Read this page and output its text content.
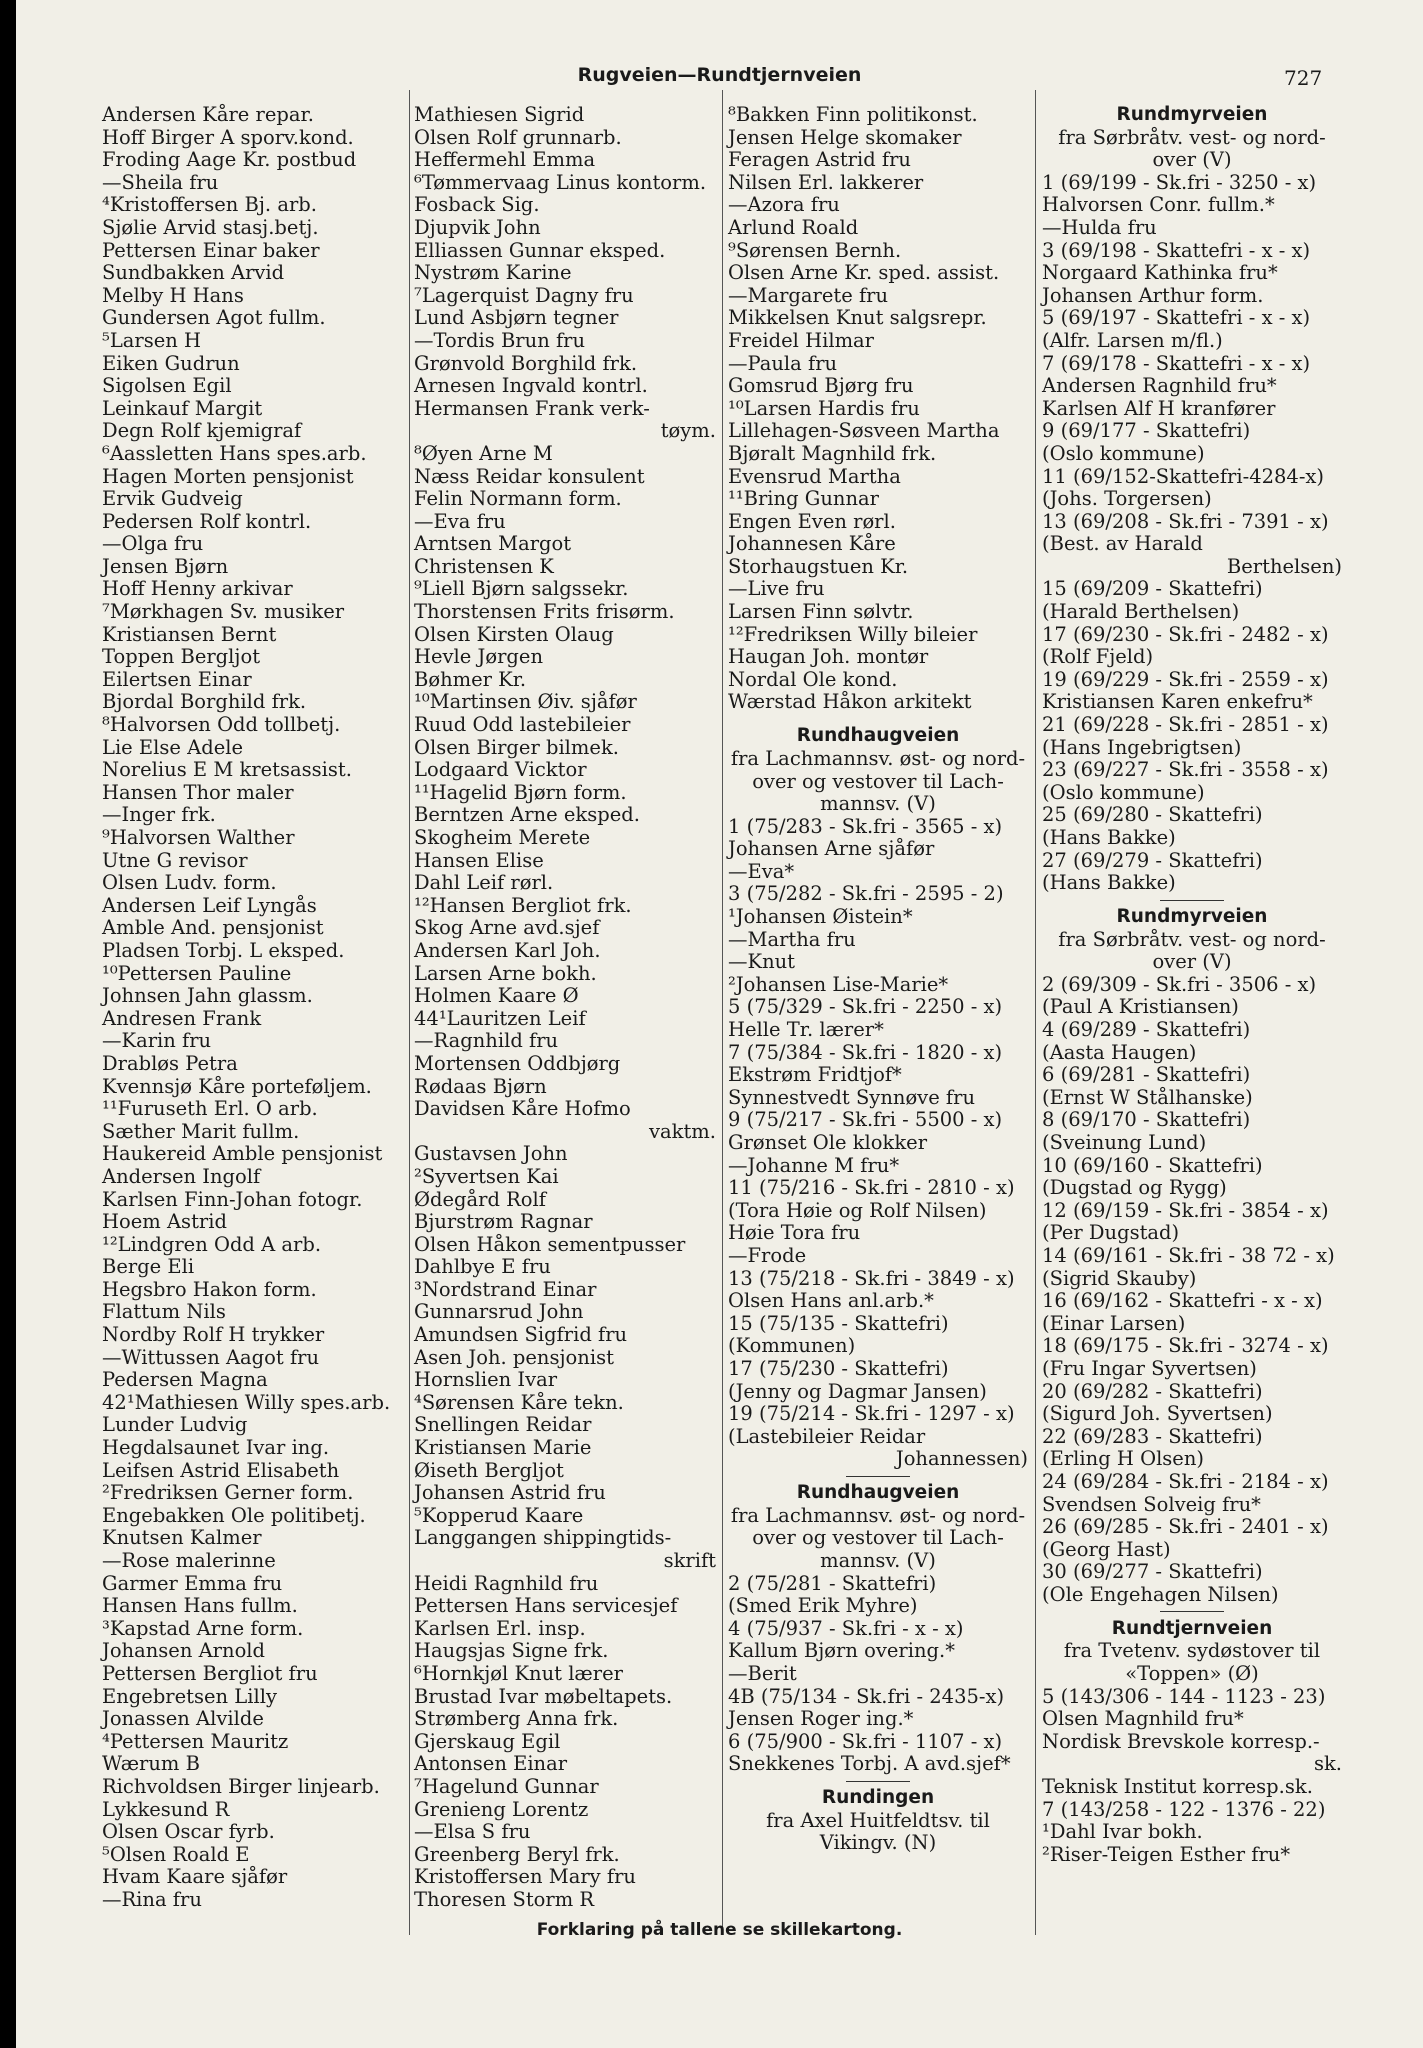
Rugveien—Rundtjernveien	727
Andersen Kåre repar.
Hoff Birger A sporv.kond.
Froding Aage Kr. postbud
—Sheila fru
⁴Kristoffersen Bj. arb.
Sjølie Arvid stasj.betj.
Pettersen Einar baker
Sundbakken Arvid
Melby H Hans
Gundersen Agot fullm.
⁵Larsen H
Eiken Gudrun
Sigolsen Egil
Leinkauf Margit
Degn Rolf kjemigraf
⁶Aassletten Hans spes.arb.
Hagen Morten pensjonist
Ervik Gudveig
Pedersen Rolf kontrl.
—Olga fru
Jensen Bjørn
Hoff Henny arkivar
⁷Mørkhagen Sv. musiker
Kristiansen Bernt
Toppen Bergljot
Eilertsen Einar
Bjordal Borghild frk.
⁸Halvorsen Odd tollbetj.
Lie Else Adele
Norelius E M kretsassist.
Hansen Thor maler
—Inger frk.
⁹Halvorsen Walther
Utne G revisor
Olsen Ludv. form.
Andersen Leif Lyngås
Amble And. pensjonist
Pladsen Torbj. L eksped.
¹⁰Pettersen Pauline
Johnsen Jahn glassm.
Andresen Frank
—Karin fru
Drabløs Petra
Kvennsjø Kåre porteføljem.
¹¹Furuseth Erl. O arb.
Sæther Marit fullm.
Haukereid Amble pensjonist
Andersen Ingolf
Karlsen Finn-Johan fotogr.
Hoem Astrid
¹²Lindgren Odd A arb.
Berge Eli
Hegsbro Hakon form.
Flattum Nils
Nordby Rolf H trykker
—Wittussen Aagot fru
Pedersen Magna
42¹Mathiesen Willy spes.arb.
Lunder Ludvig
Hegdalsaunet Ivar ing.
Leifsen Astrid Elisabeth
²Fredriksen Gerner form.
Engebakken Ole politibetj.
Knutsen Kalmer
—Rose malerinne
Garmer Emma fru
Hansen Hans fullm.
³Kapstad Arne form.
Johansen Arnold
Pettersen Bergliot fru
Engebretsen Lilly
Jonassen Alvilde
⁴Pettersen Mauritz
Wærum B
Richvoldsen Birger linjearb.
Lykkesund R
Olsen Oscar fyrb.
⁵Olsen Roald E
Hvam Kaare sjåfør
—Rina fru
Mathiesen Sigrid
Olsen Rolf grunnarb.
Heffermehl Emma
⁶Tømmervaag Linus kontorm.
Fosback Sig.
Djupvik John
Elliassen Gunnar eksped.
Nystrøm Karine
⁷Lagerquist Dagny fru
Lund Asbjørn tegner
—Tordis Brun fru
Grønvold Borghild frk.
Arnesen Ingvald kontrl.
Hermansen Frank verk-
tøym.
⁸Øyen Arne M
Næss Reidar konsulent
Felin Normann form.
—Eva fru
Arntsen Margot
Christensen K
⁹Liell Bjørn salgssekr.
Thorstensen Frits frisørm.
Olsen Kirsten Olaug
Hevle Jørgen
Bøhmer Kr.
¹⁰Martinsen Øiv. sjåfør
Ruud Odd lastebileier
Olsen Birger bilmek.
Lodgaard Vicktor
¹¹Hagelid Bjørn form.
Berntzen Arne eksped.
Skogheim Merete
Hansen Elise
Dahl Leif rørl.
¹²Hansen Bergliot frk.
Skog Arne avd.sjef
Andersen Karl Joh.
Larsen Arne bokh.
Holmen Kaare Ø
44¹Lauritzen Leif
—Ragnhild fru
Mortensen Oddbjørg
Rødaas Bjørn
Davidsen Kåre Hofmo
vaktm.
Gustavsen John
²Syvertsen Kai
Ødegård Rolf
Bjurstrøm Ragnar
Olsen Håkon sementpusser
Dahlbye E fru
³Nordstrand Einar
Gunnarsrud John
Amundsen Sigfrid fru
Asen Joh. pensjonist
Hornslien Ivar
⁴Sørensen Kåre tekn.
Snellingen Reidar
Kristiansen Marie
Øiseth Bergljot
Johansen Astrid fru
⁵Kopperud Kaare
Langgangen shippingtids-
skrift
Heidi Ragnhild fru
Pettersen Hans servicesjef
Karlsen Erl. insp.
Haugsjas Signe frk.
⁶Hornkjøl Knut lærer
Brustad Ivar møbeltapets.
Strømberg Anna frk.
Gjerskaug Egil
Antonsen Einar
⁷Hagelund Gunnar
Grenieng Lorentz
—Elsa S fru
Greenberg Beryl frk.
Kristoffersen Mary fru
Thoresen Storm R
⁸Bakken Finn politikonst.
Jensen Helge skomaker
Feragen Astrid fru
Nilsen Erl. lakkerer
—Azora fru
Arlund Roald
⁹Sørensen Bernh.
Olsen Arne Kr. sped. assist.
—Margarete fru
Mikkelsen Knut salgsrepr.
Freidel Hilmar
—Paula fru
Gomsrud Bjørg fru
¹⁰Larsen Hardis fru
Lillehagen-Søsveen Martha
Bjøralt Magnhild frk.
Evensrud Martha
¹¹Bring Gunnar
Engen Even rørl.
Johannesen Kåre
Storhaugstuen Kr.
—Live fru
Larsen Finn sølvtr.
¹²Fredriksen Willy bileier
Haugan Joh. montør
Nordal Ole kond.
Wærstad Håkon arkitekt
Rundhaugveien
fra Lachmannsv. øst- og nord-
over og vestover til Lach-
mannsv. (V)
1 (75/283 - Sk.fri - 3565 - x)
Johansen Arne sjåfør
—Eva*
3 (75/282 - Sk.fri - 2595 - 2)
¹Johansen Øistein*
—Martha fru
—Knut
²Johansen Lise-Marie*
5 (75/329 - Sk.fri - 2250 - x)
Helle Tr. lærer*
7 (75/384 - Sk.fri - 1820 - x)
Ekstrøm Fridtjof*
Synnestvedt Synnøve fru
9 (75/217 - Sk.fri - 5500 - x)
Grønset Ole klokker
—Johanne M fru*
11 (75/216 - Sk.fri - 2810 - x)
(Tora Høie og Rolf Nilsen)
Høie Tora fru
—Frode
13 (75/218 - Sk.fri - 3849 - x)
Olsen Hans anl.arb.*
15 (75/135 - Skattefri)
(Kommunen)
17 (75/230 - Skattefri)
(Jenny og Dagmar Jansen)
19 (75/214 - Sk.fri - 1297 - x)
(Lastebileier Reidar
Johannessen)
Rundhaugveien
fra Lachmannsv. øst- og nord-
over og vestover til Lach-
mannsv. (V)
2 (75/281 - Skattefri)
(Smed Erik Myhre)
4 (75/937 - Sk.fri - x - x)
Kallum Bjørn overing.*
—Berit
4B (75/134 - Sk.fri - 2435-x)
Jensen Roger ing.*
6 (75/900 - Sk.fri - 1107 - x)
Snekkenes Torbj. A avd.sjef*
Rundingen
fra Axel Huitfeldtsv. til
Vikingv. (N)
Rundmyrveien
fra Sørbråtv. vest- og nord-
over (V)
1 (69/199 - Sk.fri - 3250 - x)
Halvorsen Conr. fullm.*
—Hulda fru
3 (69/198 - Skattefri - x - x)
Norgaard Kathinka fru*
Johansen Arthur form.
5 (69/197 - Skattefri - x - x)
(Alfr. Larsen m/fl.)
7 (69/178 - Skattefri - x - x)
Andersen Ragnhild fru*
Karlsen Alf H kranfører
9 (69/177 - Skattefri)
(Oslo kommune)
11 (69/152-Skattefri-4284-x)
(Johs. Torgersen)
13 (69/208 - Sk.fri - 7391 - x)
(Best. av Harald
Berthelsen)
15 (69/209 - Skattefri)
(Harald Berthelsen)
17 (69/230 - Sk.fri - 2482 - x)
(Rolf Fjeld)
19 (69/229 - Sk.fri - 2559 - x)
Kristiansen Karen enkefru*
21 (69/228 - Sk.fri - 2851 - x)
(Hans Ingebrigtsen)
23 (69/227 - Sk.fri - 3558 - x)
(Oslo kommune)
25 (69/280 - Skattefri)
(Hans Bakke)
27 (69/279 - Skattefri)
(Hans Bakke)
Rundmyrveien
fra Sørbråtv. vest- og nord-
over (V)
2 (69/309 - Sk.fri - 3506 - x)
(Paul A Kristiansen)
4 (69/289 - Skattefri)
(Aasta Haugen)
6 (69/281 - Skattefri)
(Ernst W Stålhanske)
8 (69/170 - Skattefri)
(Sveinung Lund)
10 (69/160 - Skattefri)
(Dugstad og Rygg)
12 (69/159 - Sk.fri - 3854 - x)
(Per Dugstad)
14 (69/161 - Sk.fri - 38 72 - x)
(Sigrid Skauby)
16 (69/162 - Skattefri - x - x)
(Einar Larsen)
18 (69/175 - Sk.fri - 3274 - x)
(Fru Ingar Syvertsen)
20 (69/282 - Skattefri)
(Sigurd Joh. Syvertsen)
22 (69/283 - Skattefri)
(Erling H Olsen)
24 (69/284 - Sk.fri - 2184 - x)
Svendsen Solveig fru*
26 (69/285 - Sk.fri - 2401 - x)
(Georg Hast)
30 (69/277 - Skattefri)
(Ole Engehagen Nilsen)
Rundtjernveien
fra Tvetenv. sydøstover til
«Toppen» (Ø)
5 (143/306 - 144 - 1123 - 23)
Olsen Magnhild fru*
Nordisk Brevskole korresp.-
sk.
Teknisk Institut korresp.sk.
7 (143/258 - 122 - 1376 - 22)
¹Dahl Ivar bokh.
²Riser-Teigen Esther fru*
Forklaring på tallene se skillekartong.
